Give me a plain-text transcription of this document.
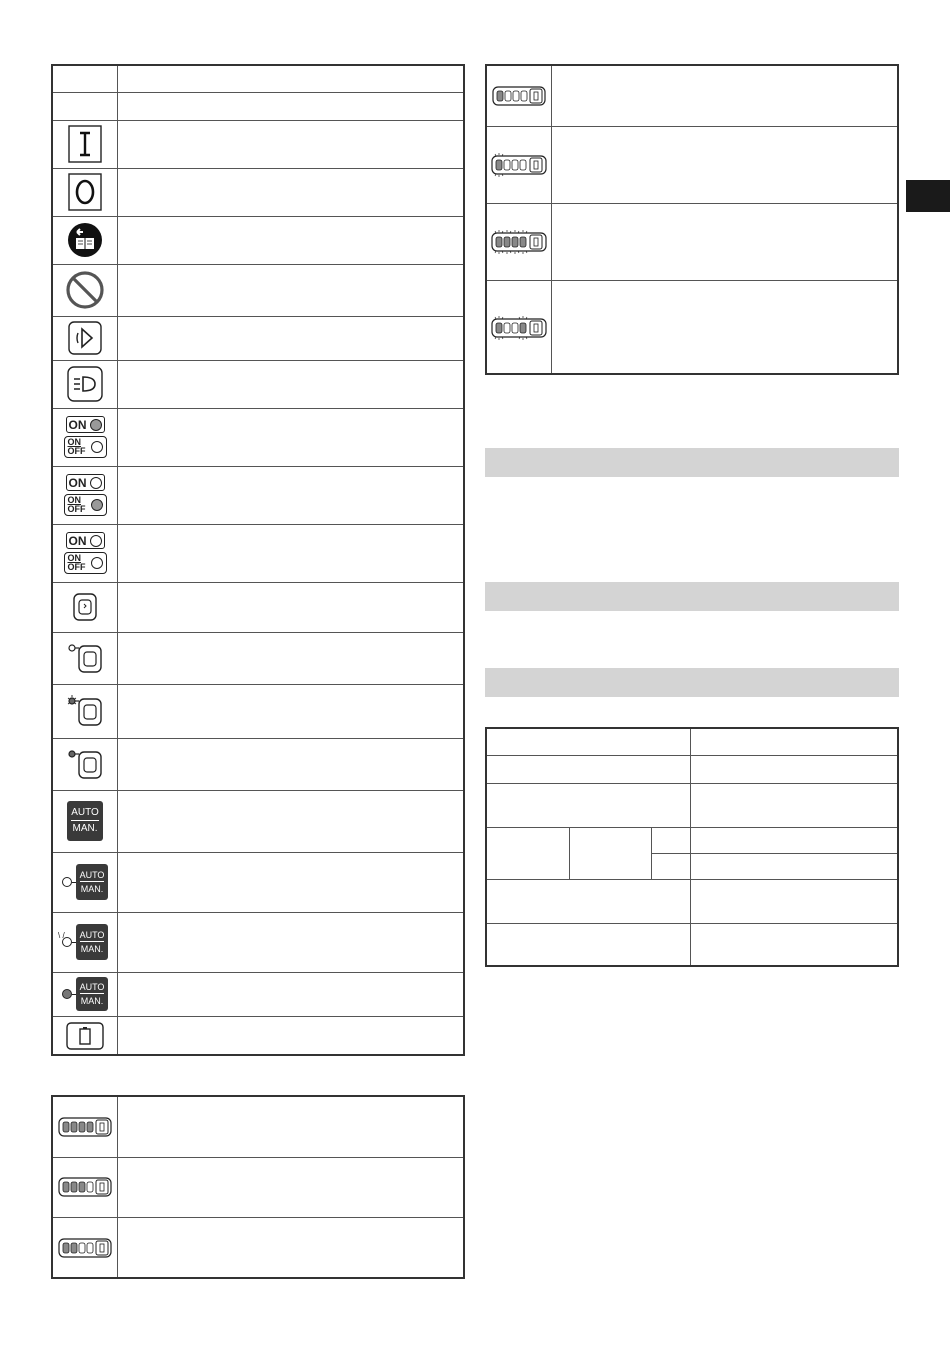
ON
ON
OFF
ON
ON
OFF
ON
ON
OFF
AUTO
MAN.
AUTO
MAN.
\ / AUTO
MAN.
AUTO
MAN.
